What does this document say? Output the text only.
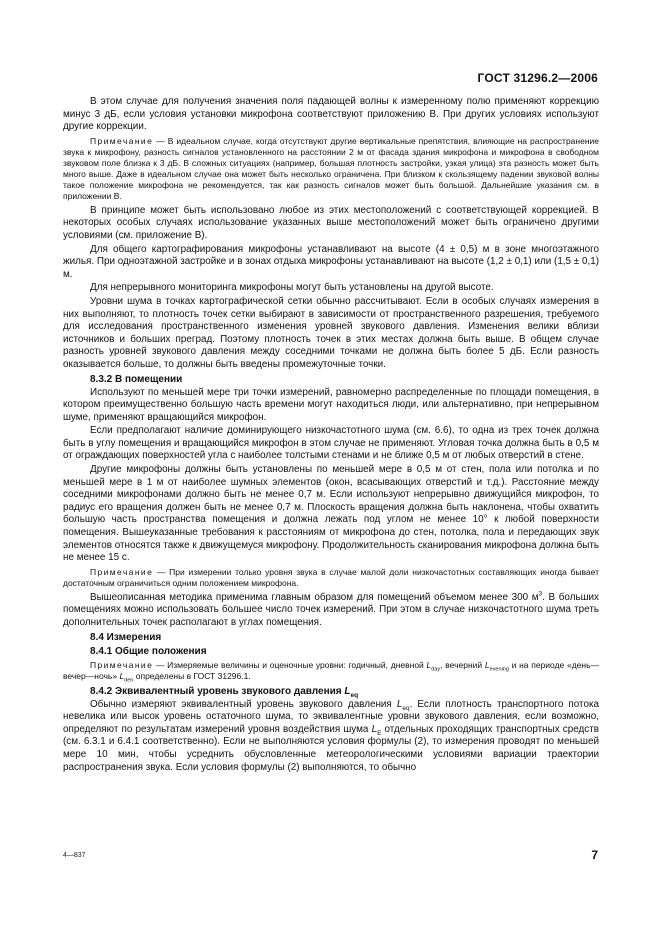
ГОСТ 31296.2—2006

В этом случае для получения значения поля падающей волны к измеренному полю применяют коррекцию минус 3 дБ, если условия установки микрофона соответствуют приложению В. При других условиях используют другие коррекции.

Примечание — В идеальном случае, когда отсутствуют другие вертикальные препятствия, влияющие на распространение звука к микрофону, разность сигналов установленного на расстоянии 2 м от фасада здания микрофона и микрофона в свободном звуковом поле близка к 3 дБ. В сложных ситуациях (например, большая плотность застройки, узкая улица) эта разность может быть много выше. Даже в идеальном случае она может быть несколько ограничена. При близком к скользящему падении звуковой волны такое положение микрофона не рекомендуется, так как разность сигналов может быть большой. Дальнейшие указания см. в приложении В.

В принципе может быть использовано любое из этих местоположений с соответствующей коррекцией. В некоторых особых случаях использование указанных выше местоположений может быть ограничено другими условиями (см. приложение В).

Для общего картографирования микрофоны устанавливают на высоте (4 ± 0,5) м в зоне многоэтажного жилья. При одноэтажной застройке и в зонах отдыха микрофоны устанавливают на высоте (1,2 ± 0,1) или (1,5 ± 0,1) м.

Для непрерывного мониторинга микрофоны могут быть установлены на другой высоте.

Уровни шума в точках картографической сетки обычно рассчитывают. Если в особых случаях измерения в них выполняют, то плотность точек сетки выбирают в зависимости от пространственного разрешения, требуемого для исследования пространственного изменения уровней звукового давления. Изменения велики вблизи источников и больших преград. Поэтому плотность точек в этих местах должна быть выше. В общем случае разность уровней звукового давления между соседними точками не должна быть более 5 дБ. Если разность оказывается больше, то должны быть введены промежуточные точки.

8.3.2 В помещении

Используют по меньшей мере три точки измерений, равномерно распределенные по площади помещения, в котором преимущественно большую часть времени могут находиться люди, или альтернативно, при непрерывном шуме, применяют вращающийся микрофон.

Если предполагают наличие доминирующего низкочастотного шума (см. 6.6), то одна из трех точек должна быть в углу помещения и вращающийся микрофон в этом случае не применяют. Угловая точка должна быть в 0,5 м от ограждающих поверхностей угла с наиболее толстыми стенами и не ближе 0,5 м от любых отверстий в стене.

Другие микрофоны должны быть установлены по меньшей мере в 0,5 м от стен, пола или потолка и по меньшей мере в 1 м от наиболее шумных элементов (окон, всасывающих отверстий и т.д.). Расстояние между соседними микрофонами должно быть не менее 0,7 м. Если используют непрерывно движущийся микрофон, то радиус его вращения должен быть не менее 0,7 м. Плоскость вращения должна быть наклонена, чтобы охватить большую часть пространства помещения и должна лежать под углом не менее 10° к любой поверхности помещения. Вышеуказанные требования к расстояниям от микрофона до стен, потолка, пола и передающих звук элементов относятся также к движущемуся микрофону. Продолжительность сканирования микрофона должна быть не менее 15 с.

Примечание — При измерении только уровня звука в случае малой доли низкочастотных составляющих иногда бывает достаточным ограничиться одним положением микрофона.

Вышеописанная методика применима главным образом для помещений объемом менее 300 $м^3$. В больших помещениях можно использовать большее число точек измерений. При этом в случае низкочастотного шума треть дополнительных точек располагают в углах помещения.

8.4 Измерения

8.4.1 Общие положения

Примечание — Измеряемые величины и оценочные уровни: годичный, дневной $L_{day}$, вечерний $L_{evening}$ и на периоде «день—вечер—ночь» $L_{den}$ определены в ГОСТ 31296.1.

8.4.2 Эквивалентный уровень звукового давления $L_{eq}$

Обычно измеряют эквивалентный уровень звукового давления $L_{eq}$. Если плотность транспортного потока невелика или высок уровень остаточного шума, то эквивалентные уровни звукового давления, если возможно, определяют по результатам измерений уровня воздействия шума $L_E$ отдельных проходящих транспортных средств (см. 6.3.1 и 6.4.1 соответственно). Если не выполняются условия формулы (2), то измерения проводят по меньшей мере 10 мин, чтобы усреднить обусловленные метеорологическими условиями вариации траектории распространения звука. Если условия формулы (2) выполняются, то обычно

4—837	7
